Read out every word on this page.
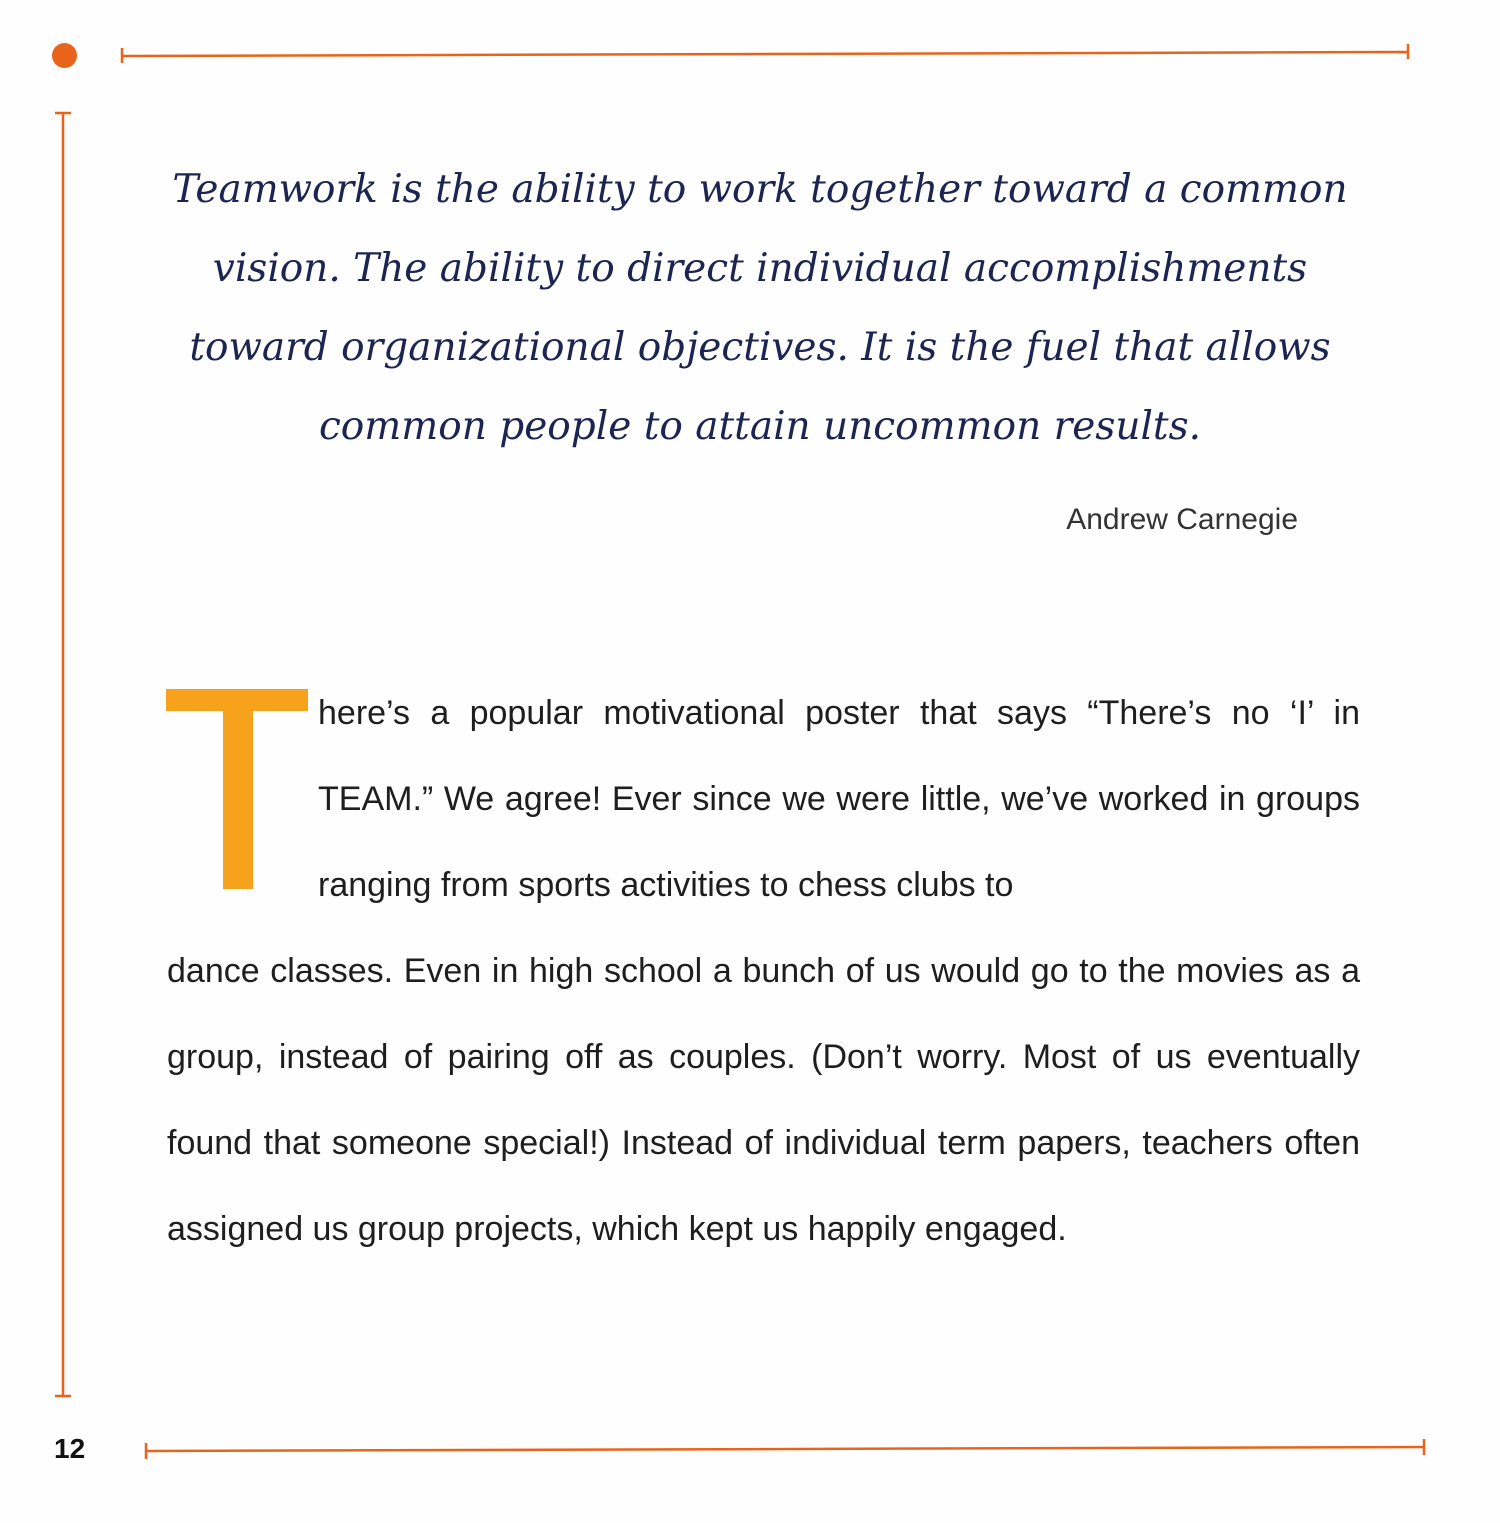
Teamwork is the ability to work together toward a common vision. The ability to direct individual accomplishments toward organizational objectives. It is the fuel that allows common people to attain uncommon results.

Andrew Carnegie

here’s a popular motivational poster that says “There’s no ‘I’ in TEAM.” We agree! Ever since we were little, we’ve worked in groups ranging from sports activities to chess clubs to

dance classes. Even in high school a bunch of us would go to the movies as a group, instead of pairing off as couples. (Don’t worry. Most of us eventually found that someone special!) Instead of individual term papers, teachers often assigned us group projects, which kept us happily engaged.

12
